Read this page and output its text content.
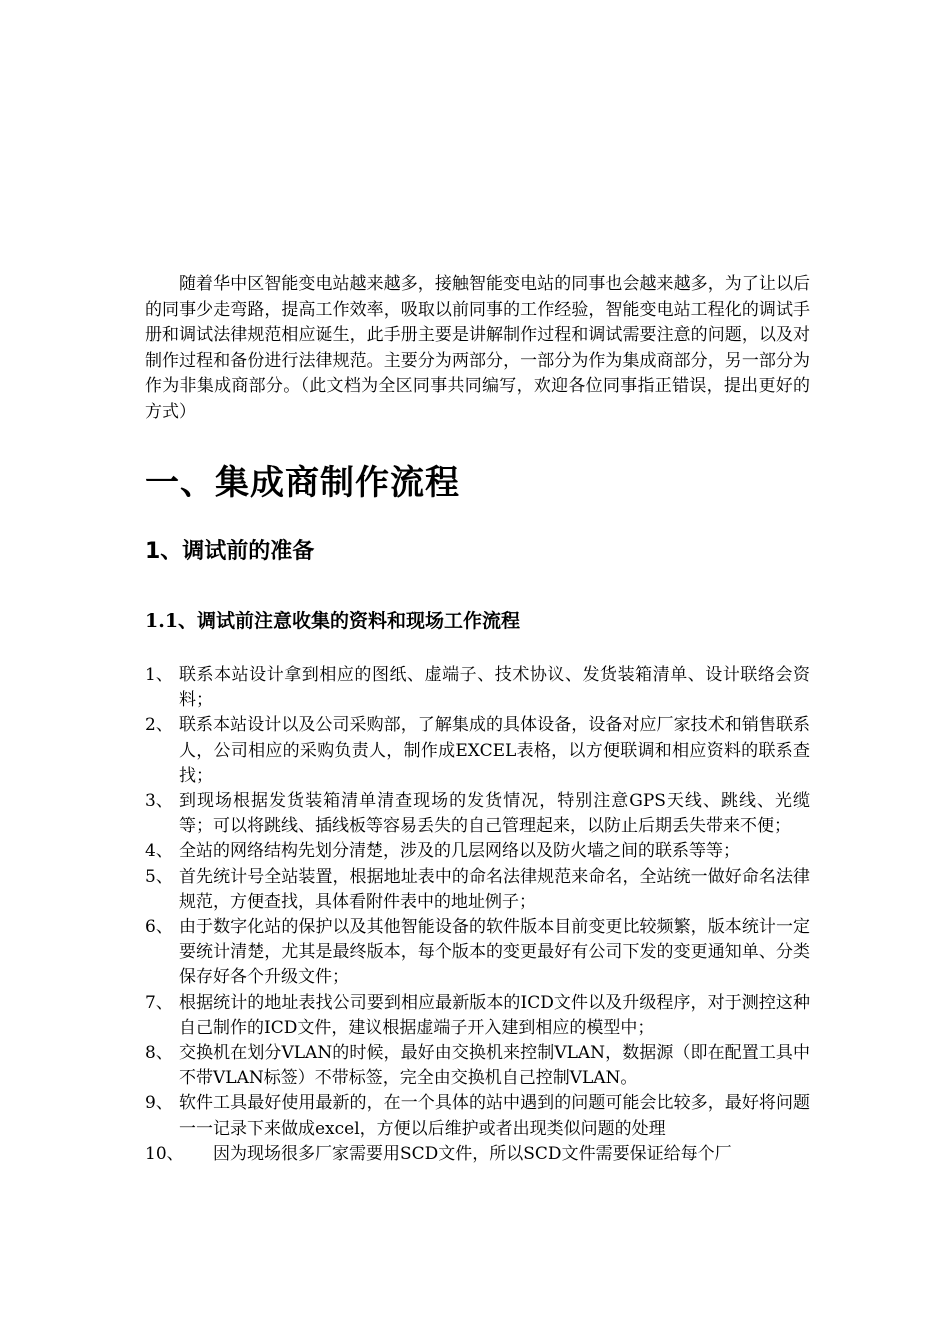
随着华中区智能变电站越来越多，接触智能变电站的同事也会越来越多，为了让以后的同事少走弯路，提高工作效率，吸取以前同事的工作经验，智能变电站工程化的调试手册和调试法律规范相应诞生，此手册主要是讲解制作过程和调试需要注意的问题，以及对制作过程和备份进行法律规范。主要分为两部分，一部分为作为集成商部分，另一部分为作为非集成商部分。（此文档为全区同事共同编写，欢迎各位同事指正错误，提出更好的方式）

一、集成商制作流程
1、调试前的准备
1.1、调试前注意收集的资料和现场工作流程
1、 联系本站设计拿到相应的图纸、虚端子、技术协议、发货装箱清单、设计联络会资料；
2、 联系本站设计以及公司采购部，了解集成的具体设备，设备对应厂家技术和销售联系人，公司相应的采购负责人，制作成EXCEL表格，以方便联调和相应资料的联系查找；
3、 到现场根据发货装箱清单清查现场的发货情况，特别注意GPS天线、跳线、光缆等；可以将跳线、插线板等容易丢失的自己管理起来，以防止后期丢失带来不便；
4、 全站的网络结构先划分清楚，涉及的几层网络以及防火墙之间的联系等等；
5、 首先统计号全站装置，根据地址表中的命名法律规范来命名，全站统一做好命名法律规范，方便查找，具体看附件表中的地址例子；
6、 由于数字化站的保护以及其他智能设备的软件版本目前变更比较频繁，版本统计一定要统计清楚，尤其是最终版本，每个版本的变更最好有公司下发的变更通知单、分类保存好各个升级文件；
7、 根据统计的地址表找公司要到相应最新版本的ICD文件以及升级程序，对于测控这种自己制作的ICD文件，建议根据虚端子开入建到相应的模型中；
8、 交换机在划分VLAN的时候，最好由交换机来控制VLAN，数据源（即在配置工具中不带VLAN标签）不带标签，完全由交换机自己控制VLAN。
9、 软件工具最好使用最新的，在一个具体的站中遇到的问题可能会比较多，最好将问题一一记录下来做成excel，方便以后维护或者出现类似问题的处理
10、 因为现场很多厂家需要用SCD文件，所以SCD文件需要保证给每个厂
